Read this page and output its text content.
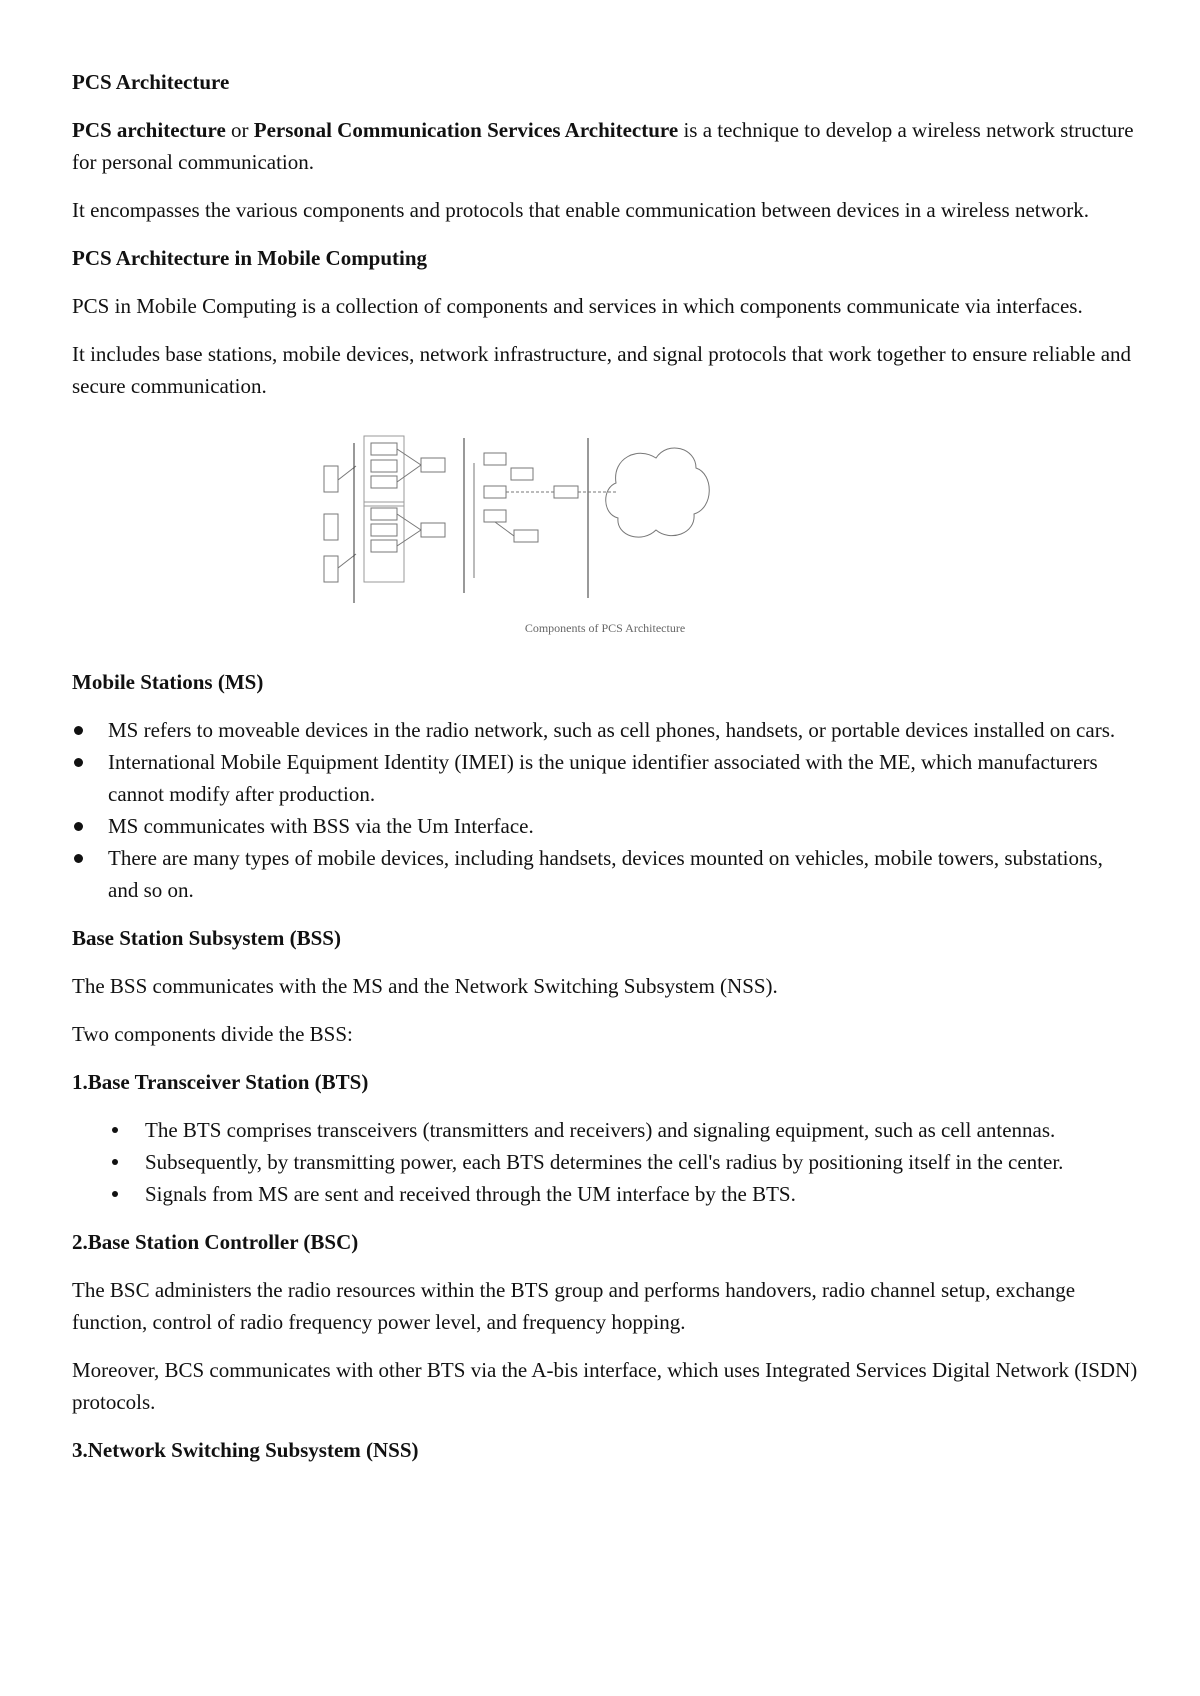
PCS Architecture

PCS architecture or Personal Communication Services Architecture is a technique to develop a wireless network structure for personal communication.

It encompasses the various components and protocols that enable communication between devices in a wireless network.

PCS Architecture in Mobile Computing

PCS in Mobile Computing is a collection of components and services in which components communicate via interfaces.

It includes base stations, mobile devices, network infrastructure, and signal protocols that work together to ensure reliable and secure communication.

Components of PCS Architecture
Mobile Stations (MS)
MS refers to moveable devices in the radio network, such as cell phones, handsets, or portable devices installed on cars.
International Mobile Equipment Identity (IMEI) is the unique identifier associated with the ME, which manufacturers cannot modify after production.
MS communicates with BSS via the Um Interface.
There are many types of mobile devices, including handsets, devices mounted on vehicles, mobile towers, substations, and so on.
Base Station Subsystem (BSS)

The BSS communicates with the MS and the Network Switching Subsystem (NSS).

Two components divide the BSS:

1.Base Transceiver Station (BTS)
The BTS comprises transceivers (transmitters and receivers) and signaling equipment, such as cell antennas.
Subsequently, by transmitting power, each BTS determines the cell's radius by positioning itself in the center.
Signals from MS are sent and received through the UM interface by the BTS.
2.Base Station Controller (BSC)

The BSC administers the radio resources within the BTS group and performs handovers, radio channel setup, exchange function, control of radio frequency power level, and frequency hopping.

Moreover, BCS communicates with other BTS via the A-bis interface, which uses Integrated Services Digital Network (ISDN) protocols.

3.Network Switching Subsystem (NSS)
